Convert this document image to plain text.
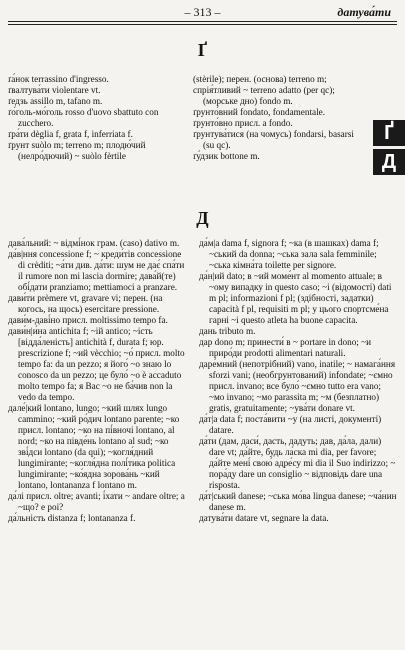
– 313 –	датува́ти
Ґ

ґа́нок terrassino d'ingresso.

ґвалтува́ти violentare vt.

ґедзь assillo m, tafano m.

ґо́голь-мо́голь rosso d'uovo sbattuto con zucchero.

ґра́ти dèglia f, grata f, inferriata f.

ґрунт suòlo m; terreno m; плодю́чий (нелро́дючий) ~ suòlo fèrtile

(stèrile); перен. (основа) terreno m;

спрія́тливий ~ terreno adatto (per qc); (морське дно) fondo m.

ґрунто́вний fondato, fondamentale.

ґрунто́вно присл. a fondo.

ґрунтува́тися (на чомусь) fondarsi, basarsi (su qc).

ґу́дзик bottone m.

Ґ
Д
Д

дава́льний: ~ відмі́нок грам. (caso) dativo m.

да́в|ння concessione f; ~ креди́тів concessione di crèditi; ~а́ти див. да́ти: шум не дає́ спа́ти il rumore non mi lascia dormire; дава́й(те) обі́дати pranziamo; mettiamoci a pranzare.

дави́ти prèmere vt, gravare vi; перен. (на когось, на щось) esercitare pressione.

дави́м-даві́но присл. moltissimo tempo fa.

дави́н|и́на antichita f; ~ій antico; ~ість [відда́леність] antichità f, durata f; юр. prescrizione f; ~ий vècchio; ~о́ присл. molto tempo fa: da un pezzo; я його́ ~о знаю lo conosco da un pezzo; це було́ ~о è accaduto molto tempo fa; я Вас ~о не ба́чив non la vedo da tempo.

дале́|кий lontano, lungo; ~кий шлях lungo cammino; ~кий ро́дич lontano parente; ~ко присл. lontano; ~ко на пі́вночі lontano, al nord; ~ко на півде́нь lontano al sud; ~ко зві́дси lontano (da qui); ~когля́дний lungimirante; ~когля́дна полі́тика politica lungimirante; ~ко́ядна зорова́нь ~кий lontano, lontananza f lontano m.

да́лі присл. oltre; avanti; і́хати ~ andare oltre; а ~що? e poi?

да́льність distanza f; lontananza f.

да́м|а dama f, signora f; ~ка (в шашках) dama f; ~ський da donna; ~ська зала sala femminile; ~ська кімна́та toilette per signore.

да́н|ий dato; в ~ий моме́нт al momento attuale; в ~ому випадку in questo caso; ~і (відомості) dati m pl; informazioni f pl; (здібності, задатки) capacità f pl, requisiti m pl; у цього спортсме́на гарні ~і questo atleta ha buone capacita.

дань tributo m.

дар dono m; принести́ в ~ portare in dono; ~и приро́ди prodotti alimentari naturali.

даре́мний (непотрібний) vano, inatile; ~ намага́ння sforzi vani; (необгрунтований) infondate; ~ємно присл. invano; все було́ ~ємно tutto era vano; ~мо invano; ~мо parassita m; ~м (безплатно) gratis, gratuitamente; ~ува́ти donare vt.

да́т|а data f; поста́вити ~у (на листі, документі) datare.

да́ти (дам, даси́, дасть, дадуть; дав, да́ла, дали) dare vt; да́йте, будь ла́ска mi dia, per favore; да́йте мені́ свою́ адре́су mi dia il Suo indirizzo; ~ пора́ду dare un consiglio ~ відповідь dare una risposta.

да́т|ський danese; ~ська мо́ва lingua danese; ~ча́нин danese m.

датува́ти datare vt, segnare la data.
